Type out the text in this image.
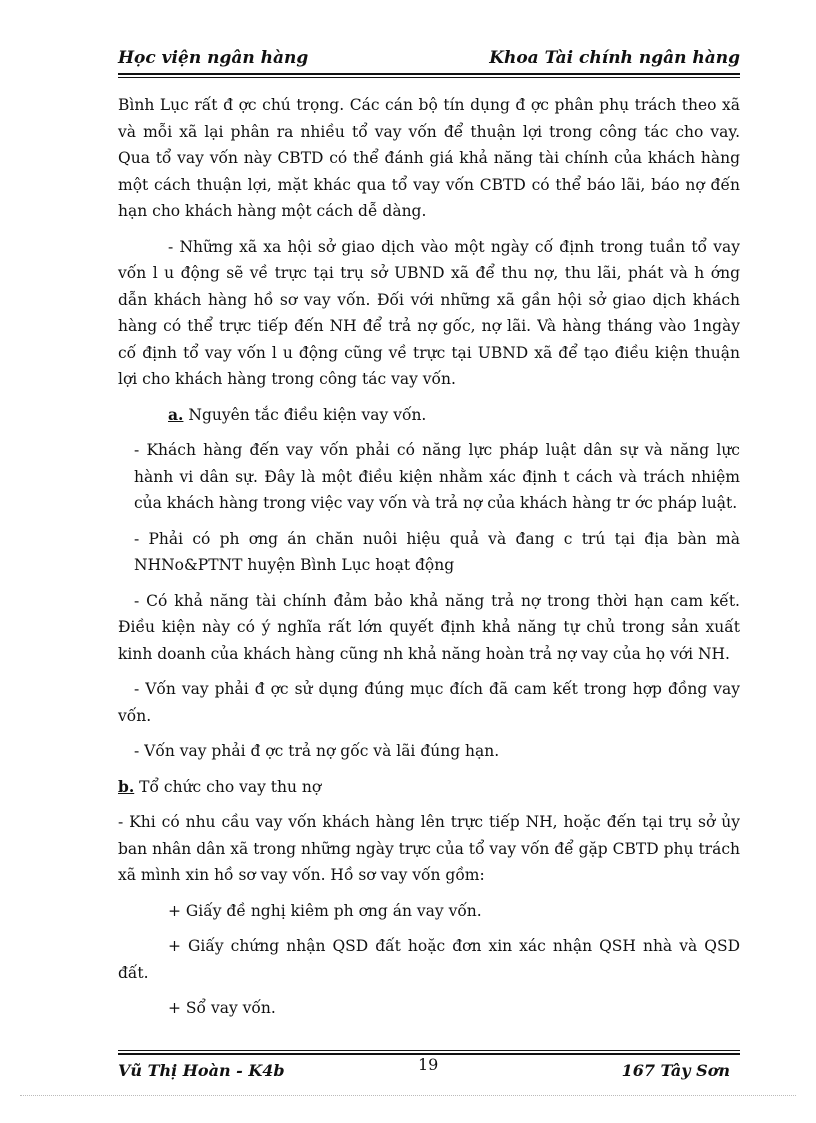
Học viện ngân hàng	Khoa Tài chính ngân hàng

Bình Lục rất đ ợc chú trọng. Các cán bộ tín dụng đ ợc phân phụ trách theo xã và mỗi xã lại phân ra nhiều tổ vay vốn để thuận lợi trong công tác cho vay. Qua tổ vay vốn này CBTD có thể đánh giá khả năng tài chính của khách hàng một cách thuận lợi, mặt khác qua tổ vay vốn CBTD có thể báo lãi, báo nợ đến hạn cho khách hàng một cách dễ dàng.

- Những xã xa hội sở giao dịch vào một ngày cố định trong tuần tổ vay vốn l u động sẽ về trực tại trụ sở UBND xã để thu nợ, thu lãi, phát và h ớng dẫn khách hàng hồ sơ vay vốn. Đối với những xã gần hội sở giao dịch khách hàng có thể trực tiếp đến NH để trả nợ gốc, nợ lãi. Và hàng tháng vào 1ngày cố định tổ vay vốn l u động cũng về trực tại UBND xã để tạo điều kiện thuận lợi cho khách hàng trong công tác vay vốn.

a. Nguyên tắc điều kiện vay vốn.

- Khách hàng đến vay vốn phải có năng lực pháp luật dân sự và năng lực hành vi dân sự. Đây là một điều kiện nhằm xác định t cách và trách nhiệm của khách hàng trong việc vay vốn và trả nợ của khách hàng tr ớc pháp luật.

- Phải có ph ơng án chăn nuôi hiệu quả và đang c trú tại địa bàn mà NHNo&PTNT huyện Bình Lục hoạt động

- Có khả năng tài chính đảm bảo khả năng trả nợ trong thời hạn cam kết. Điều kiện này có ý nghĩa rất lớn quyết định khả năng tự chủ trong sản xuất kinh doanh của khách hàng cũng nh khả năng hoàn trả nợ vay của họ với NH.

- Vốn vay phải đ ợc sử dụng đúng mục đích đã cam kết trong hợp đồng vay vốn.

- Vốn vay phải đ ợc trả nợ gốc và lãi đúng hạn.

b. Tổ chức cho vay thu nợ

- Khi có nhu cầu vay vốn khách hàng lên trực tiếp NH, hoặc đến tại trụ sở ủy ban nhân dân xã trong những ngày trực của tổ vay vốn để gặp CBTD phụ trách xã mình xin hồ sơ vay vốn. Hồ sơ vay vốn gồm:

+ Giấy đề nghị kiêm ph ơng án vay vốn.

+ Giấy chứng nhận QSD đất hoặc đơn xin xác nhận QSH nhà và QSD đất.

+ Sổ vay vốn.

Vũ Thị Hoàn - K4b	19	167 Tây Sơn
